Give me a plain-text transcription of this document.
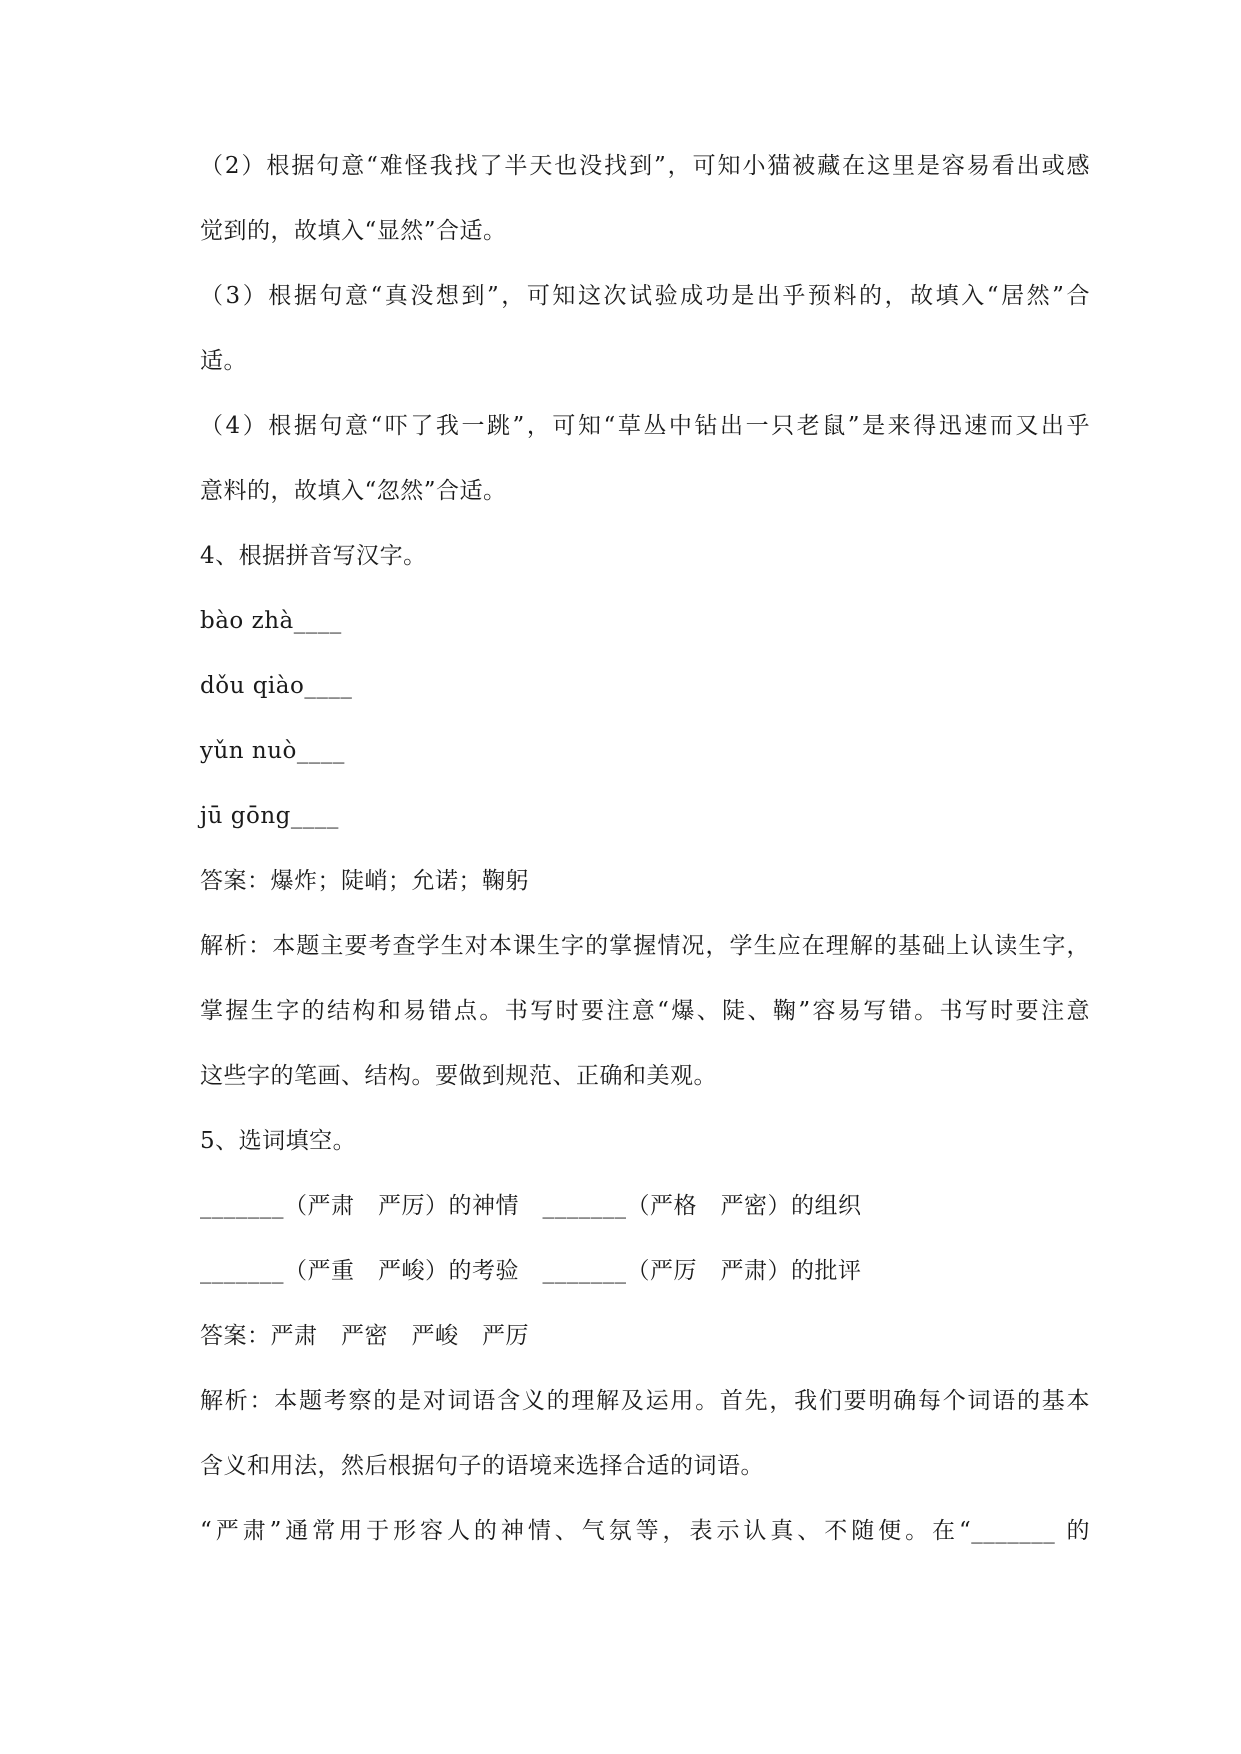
（2）根据句意“难怪我找了半天也没找到”，可知小猫被藏在这里是容易看出或感
觉到的，故填入“显然”合适。
（3）根据句意“真没想到”，可知这次试验成功是出乎预料的，故填入“居然”合
适。
（4）根据句意“吓了我一跳”，可知“草丛中钻出一只老鼠”是来得迅速而又出乎
意料的，故填入“忽然”合适。
4、根据拼音写汉字。
bào zhà____
dǒu qiào____
yǔn nuò____
jū gōng____
答案：爆炸；陡峭；允诺；鞠躬
解析：本题主要考查学生对本课生字的掌握情况，学生应在理解的基础上认读生字，
掌握生字的结构和易错点。书写时要注意“爆、陡、鞠”容易写错。书写时要注意
这些字的笔画、结构。要做到规范、正确和美观。
5、选词填空。
_______（严肃　严厉）的神情　_______（严格　严密）的组织
_______（严重　严峻）的考验　_______（严厉　严肃）的批评
答案：严肃　严密　严峻　严厉
解析：本题考察的是对词语含义的理解及运用。首先，我们要明确每个词语的基本
含义和用法，然后根据句子的语境来选择合适的词语。
“严肃”通常用于形容人的神情、气氛等，表示认真、不随便。在“_______ 的
